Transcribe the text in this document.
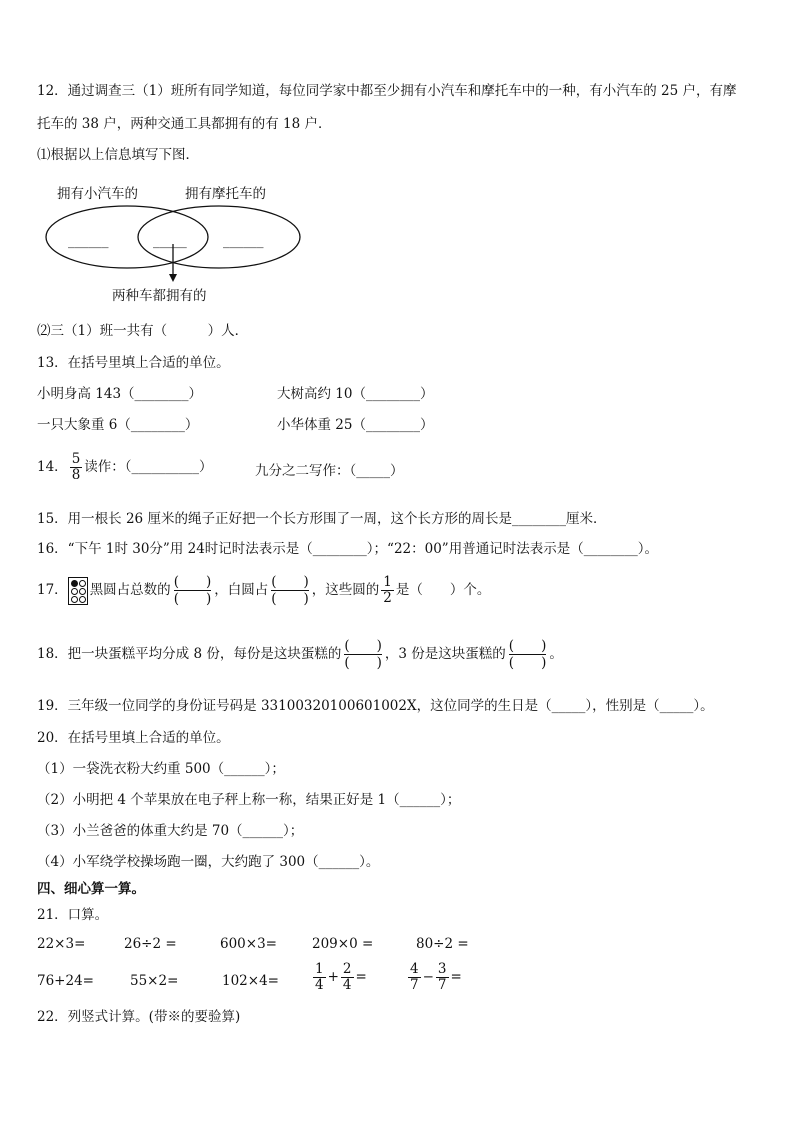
12．通过调查三（1）班所有同学知道，每位同学家中都至少拥有小汽车和摩托车中的一种，有小汽车的 25 户，有摩
托车的 38 户，两种交通工具都拥有的有 18 户．
⑴根据以上信息填写下图．
拥有小汽车的	拥有摩托车的
______	_____	______
两种车都拥有的
⑵三（1）班一共有（　　　）人．
13．在括号里填上合适的单位。
小明身高 143（________）	大树高约 10（________）
一只大象重 6（________）	小华体重 25（________）
14． $\frac{5}{8}$ 读作：（__________）	九分之二写作：（_____）
15．用一根长 26 厘米的绳子正好把一个长方形围了一周，这个长方形的周长是________厘米．
16．“下午 1时 30分”用 24时记时法表示是（________）；“22：00”用普通记时法表示是（________）。
17． 黑圆占总数的 (　　)
(　　)
，白圆占 (　　)
(　　)
，这些圆的 $\frac{1}{2}$ 是（　　）个。
18．把一块蛋糕平均分成 8 份，每份是这块蛋糕的 (　　)
(　　)
，3 份是这块蛋糕的 (　　)
(　　)
。
19．三年级一位同学的身份证号码是 33100320100601002X，这位同学的生日是（_____），性别是（_____）。
20．在括号里填上合适的单位。
（1）一袋洗衣粉大约重 500（______）；
（2）小明把 4 个苹果放在电子秤上称一称，结果正好是 1（______）；
（3）小兰爸爸的体重大约是 70（______）；
（4）小军绕学校操场跑一圈，大约跑了 300（______）。
四、细心算一算。
21．口算。
22×3=	26÷2 =	600×3=	209×0 =	80÷2 =
76+24=	55×2=	102×4=	$\frac{1}{4} + \frac{2}{4}$ =	$\frac{4}{7} - \frac{3}{7}$ =
22．列竖式计算。(带※的要验算)
